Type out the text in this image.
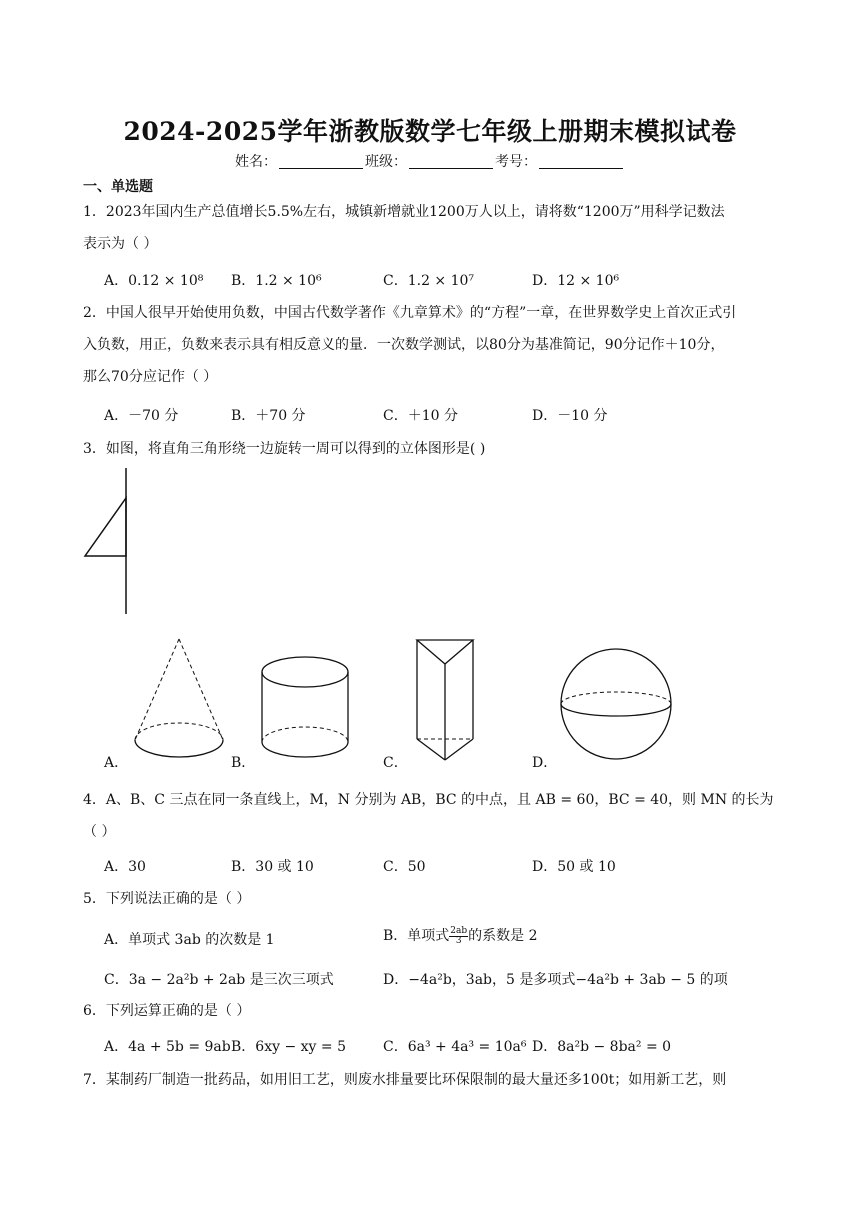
2024-2025学年浙教版数学七年级上册期末模拟试卷
姓名：	班级：	考号：
一、单选题
1．2023年国内生产总值增长5.5%左右，城镇新增就业1200万人以上，请将数“1200万”用科学记数法
表示为（ ）
A．0.12 × 10⁸ B．1.2 × 10⁶	C．1.2 × 10⁷	D．12 × 10⁶
2．中国人很早开始使用负数，中国古代数学著作《九章算术》的“方程”一章，在世界数学史上首次正式引
入负数，用正，负数来表示具有相反意义的量．一次数学测试，以80分为基准简记，90分记作＋10分，
那么70分应记作（ ）
A．－70 分	B．＋70 分	C．＋10 分	D．－10 分
3．如图，将直角三角形绕一边旋转一周可以得到的立体图形是( )
A．	B．	C．	D．
4．A、B、C 三点在同一条直线上，M，N 分别为 AB，BC 的中点，且 AB = 60，BC = 40，则 MN 的长为
（ ）
A．30	B．30 或 10	C．50	D．50 或 10
5．下列说法正确的是（ ）
A．单项式 3ab 的次数是 1	B．单项式 $\frac{2ab}{3}$ 的系数是 2
C．3a − 2a²b + 2ab 是三次三项式	D．−4a²b，3ab，5 是多项式−4a²b + 3ab − 5 的项
6．下列运算正确的是（ ）
A．4a + 5b = 9ab B．6xy − xy = 5	C．6a³ + 4a³ = 10a⁶ D．8a²b − 8ba² = 0
7．某制药厂制造一批药品，如用旧工艺，则废水排量要比环保限制的最大量还多100t；如用新工艺，则
